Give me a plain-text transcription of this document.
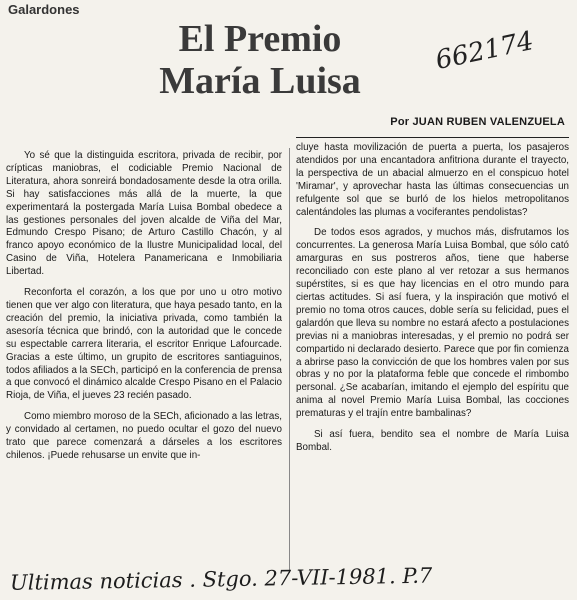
Galardones
El Premio
María Luisa
662174
Por JUAN RUBEN VALENZUELA

Yo sé que la distinguida escritora, privada de recibir, por crípticas maniobras, el codiciable Premio Nacional de Literatura, ahora sonreirá bondadosamente desde la otra orilla. Si hay satisfacciones más allá de la muerte, la que experimentará la postergada María Luisa Bombal obedece a las gestiones personales del joven alcalde de Viña del Mar, Edmundo Crespo Pisano; de Arturo Castillo Chacón, y al franco apoyo económico de la Ilustre Municipalidad local, del Casino de Viña, Hotelera Panamericana e Inmobiliaria Libertad.

Reconforta el corazón, a los que por uno u otro motivo tienen que ver algo con literatura, que haya pesado tanto, en la creación del premio, la iniciativa privada, como también la asesoría técnica que brindó, con la autoridad que le concede su espectable carrera literaria, el escritor Enrique Lafourcade. Gracias a este último, un grupito de escritores santiaguinos, todos afiliados a la SECh, participó en la conferencia de prensa a que convocó el dinámico alcalde Crespo Pisano en el Palacio Rioja, de Viña, el jueves 23 recién pasado.

Como miembro moroso de la SECh, aficionado a las letras, y convidado al certamen, no puedo ocultar el gozo del nuevo trato que parece comenzará a dárseles a los escritores chilenos. ¡Puede rehusarse un envite que in-

cluye hasta movilización de puerta a puerta, los pasajeros atendidos por una encantadora anfitriona durante el trayecto, la perspectiva de un abacial almuerzo en el conspicuo hotel 'Miramar', y aprovechar hasta las últimas consecuencias un refulgente sol que se burló de los hielos metropolitanos calentándoles las plumas a vociferantes pendolistas?

De todos esos agrados, y muchos más, disfrutamos los concurrentes. La generosa María Luisa Bombal, que sólo cató amarguras en sus postreros años, tiene que haberse reconciliado con este plano al ver retozar a sus hermanos supérstites, si es que hay licencias en el otro mundo para ciertas actitudes. Si así fuera, y la inspiración que motivó el premio no toma otros cauces, doble sería su felicidad, pues el galardón que lleva su nombre no estará afecto a postulaciones previas ni a maniobras interesadas, y el premio no podrá ser compartido ni declarado desierto. Parece que por fin comienza a abrirse paso la convicción de que los hombres valen por sus obras y no por la plataforma feble que concede el rimbombo personal. ¿Se acabarían, imitando el ejemplo del espíritu que anima al novel Premio María Luisa Bombal, las cocciones prematuras y el trajín entre bambalinas?

Si así fuera, bendito sea el nombre de María Luisa Bombal.

Ultimas noticias . Stgo. 27-VII-1981. P.7
